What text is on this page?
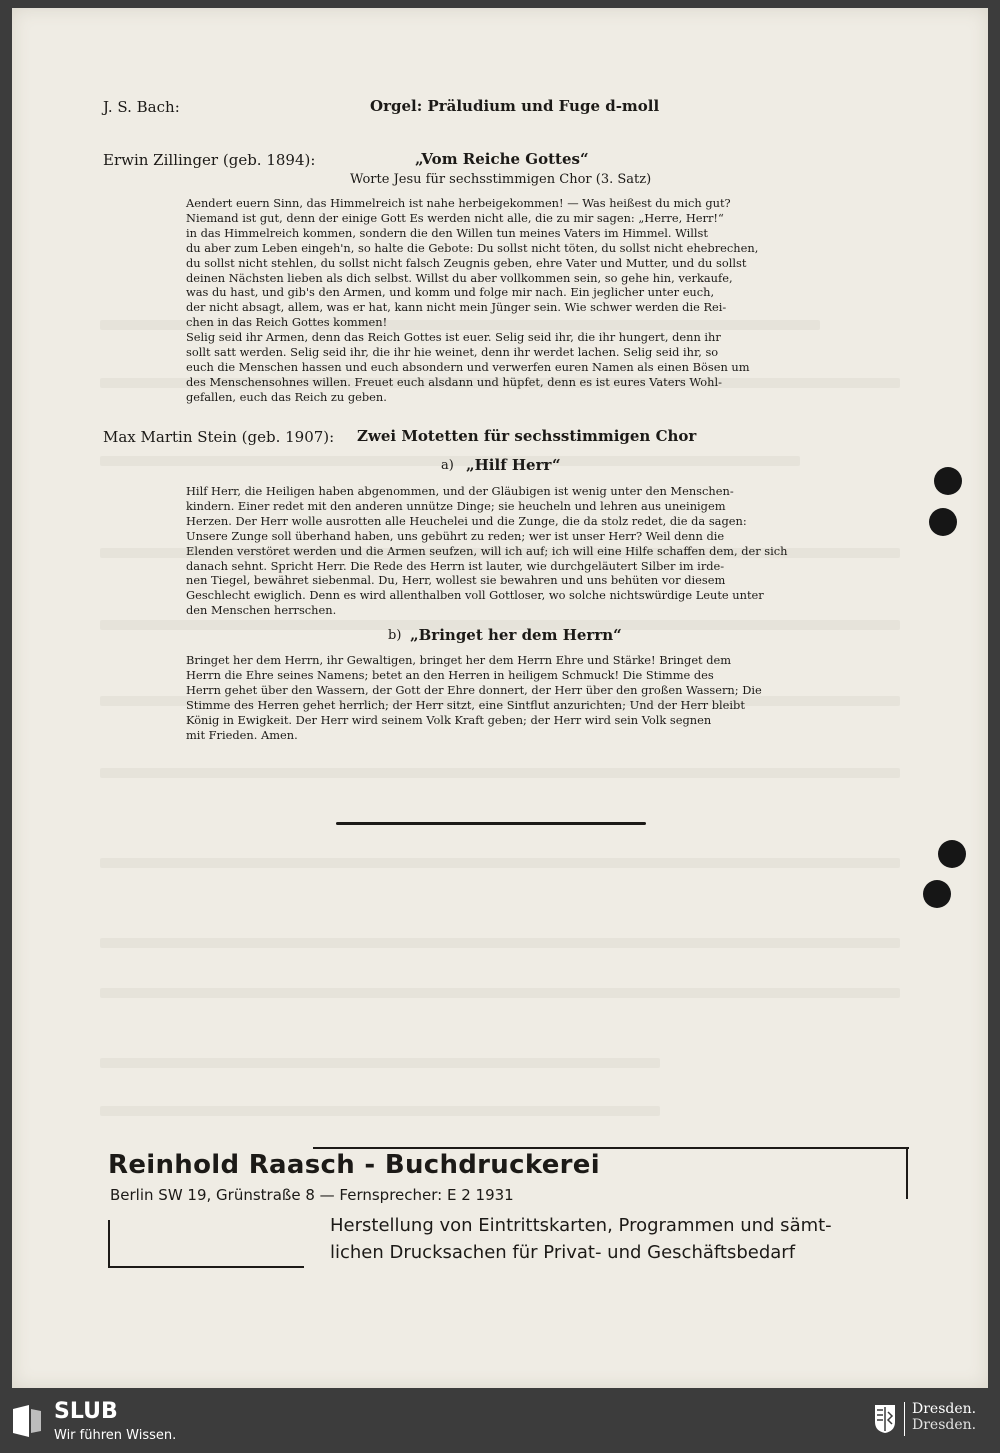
J. S. Bach:	Orgel: Präludium und Fuge d-moll
Erwin Zillinger (geb. 1894):	„Vom Reiche Gottes“
Worte Jesu für sechsstimmigen Chor (3. Satz)
Aendert euern Sinn, das Himmelreich ist nahe herbeigekommen! — Was heißest du mich gut?
Niemand ist gut, denn der einige Gott Es werden nicht alle, die zu mir sagen: „Herre, Herr!“
in das Himmelreich kommen, sondern die den Willen tun meines Vaters im Himmel. Willst
du aber zum Leben eingeh'n, so halte die Gebote: Du sollst nicht töten, du sollst nicht ehebrechen,
du sollst nicht stehlen, du sollst nicht falsch Zeugnis geben, ehre Vater und Mutter, und du sollst
deinen Nächsten lieben als dich selbst. Willst du aber vollkommen sein, so gehe hin, verkaufe,
was du hast, und gib's den Armen, und komm und folge mir nach. Ein jeglicher unter euch,
der nicht absagt, allem, was er hat, kann nicht mein Jünger sein. Wie schwer werden die Rei-
chen in das Reich Gottes kommen!
Selig seid ihr Armen, denn das Reich Gottes ist euer. Selig seid ihr, die ihr hungert, denn ihr
sollt satt werden. Selig seid ihr, die ihr hie weinet, denn ihr werdet lachen. Selig seid ihr, so
euch die Menschen hassen und euch absondern und verwerfen euren Namen als einen Bösen um
des Menschensohnes willen. Freuet euch alsdann und hüpfet, denn es ist eures Vaters Wohl-
gefallen, euch das Reich zu geben.
Max Martin Stein (geb. 1907): Zwei Motetten für sechsstimmigen Chor
a) „Hilf Herr“
Hilf Herr, die Heiligen haben abgenommen, und der Gläubigen ist wenig unter den Menschen-
kindern. Einer redet mit den anderen unnütze Dinge; sie heucheln und lehren aus uneinigem
Herzen. Der Herr wolle ausrotten alle Heuchelei und die Zunge, die da stolz redet, die da sagen:
Unsere Zunge soll überhand haben, uns gebührt zu reden; wer ist unser Herr? Weil denn die
Elenden verstöret werden und die Armen seufzen, will ich auf; ich will eine Hilfe schaffen dem, der sich
danach sehnt. Spricht Herr. Die Rede des Herrn ist lauter, wie durchgeläutert Silber im irde-
nen Tiegel, bewähret siebenmal. Du, Herr, wollest sie bewahren und uns behüten vor diesem
Geschlecht ewiglich. Denn es wird allenthalben voll Gottloser, wo solche nichtswürdige Leute unter
den Menschen herrschen.
b) „Bringet her dem Herrn“
Bringet her dem Herrn, ihr Gewaltigen, bringet her dem Herrn Ehre und Stärke! Bringet dem
Herrn die Ehre seines Namens; betet an den Herren in heiligem Schmuck! Die Stimme des
Herrn gehet über den Wassern, der Gott der Ehre donnert, der Herr über den großen Wassern; Die
Stimme des Herren gehet herrlich; der Herr sitzt, eine Sintflut anzurichten; Und der Herr bleibt
König in Ewigkeit. Der Herr wird seinem Volk Kraft geben; der Herr wird sein Volk segnen
mit Frieden. Amen.
Reinhold Raasch - Buchdruckerei
Berlin SW 19, Grünstraße 8 — Fernsprecher: E 2 1931
Herstellung von Eintrittskarten, Programmen und sämt-
lichen Drucksachen für Privat- und Geschäftsbedarf
SLUB
Wir führen Wissen.
Dresden.
Dresden.
